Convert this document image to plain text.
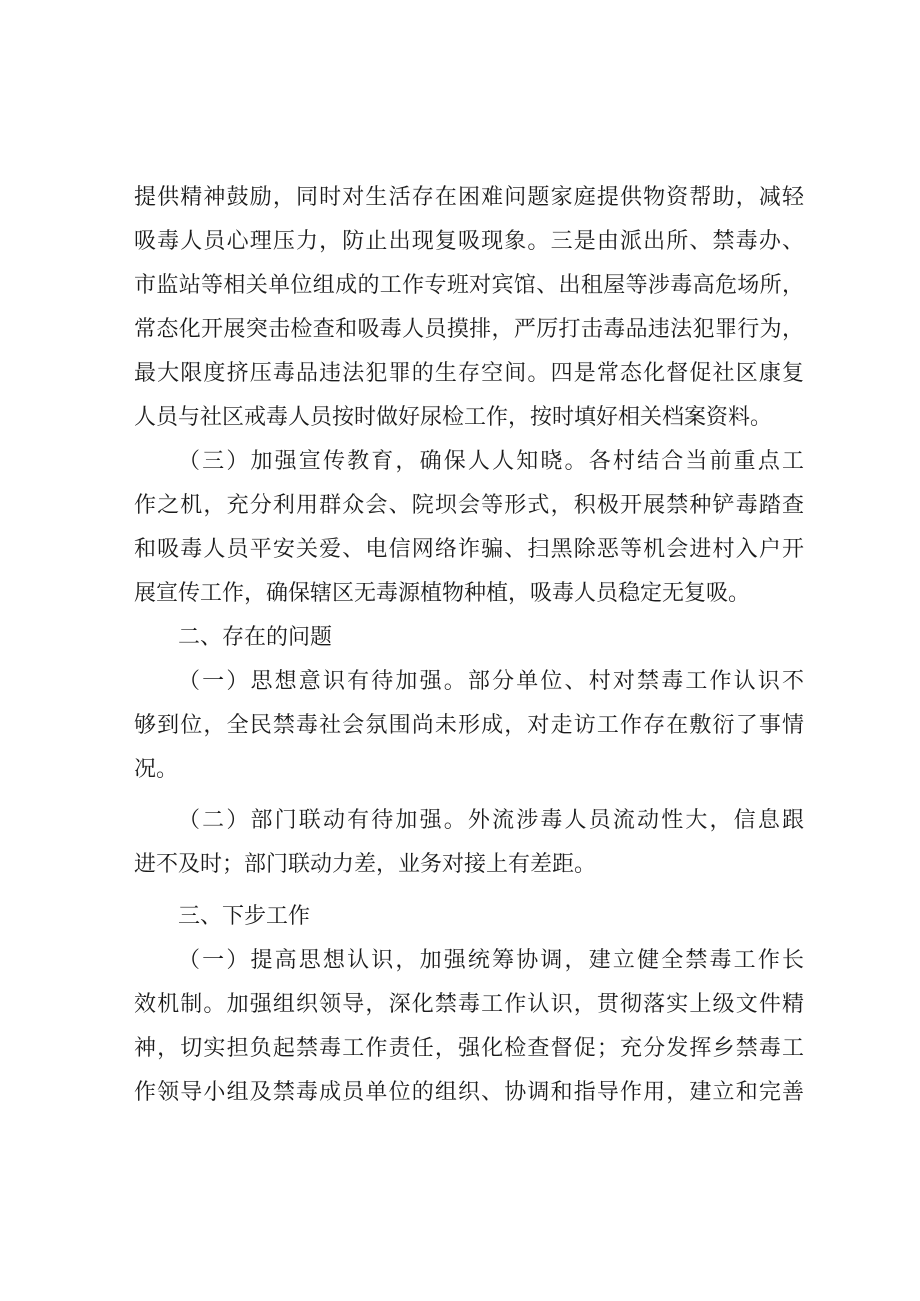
提供精神鼓励，同时对生活存在困难问题家庭提供物资帮助，减轻

吸毒人员心理压力，防止出现复吸现象。三是由派出所、禁毒办、

市监站等相关单位组成的工作专班对宾馆、出租屋等涉毒高危场所，

常态化开展突击检查和吸毒人员摸排，严厉打击毒品违法犯罪行为，

最大限度挤压毒品违法犯罪的生存空间。四是常态化督促社区康复

人员与社区戒毒人员按时做好尿检工作，按时填好相关档案资料。

（三）加强宣传教育，确保人人知晓。各村结合当前重点工

作之机，充分利用群众会、院坝会等形式，积极开展禁种铲毒踏查

和吸毒人员平安关爱、电信网络诈骗、扫黑除恶等机会进村入户开

展宣传工作，确保辖区无毒源植物种植，吸毒人员稳定无复吸。

二、存在的问题

（一）思想意识有待加强。部分单位、村对禁毒工作认识不

够到位，全民禁毒社会氛围尚未形成，对走访工作存在敷衍了事情

况。

（二）部门联动有待加强。外流涉毒人员流动性大，信息跟

进不及时；部门联动力差，业务对接上有差距。

三、下步工作

（一）提高思想认识，加强统筹协调，建立健全禁毒工作长

效机制。加强组织领导，深化禁毒工作认识，贯彻落实上级文件精

神，切实担负起禁毒工作责任，强化检查督促；充分发挥乡禁毒工

作领导小组及禁毒成员单位的组织、协调和指导作用，建立和完善
